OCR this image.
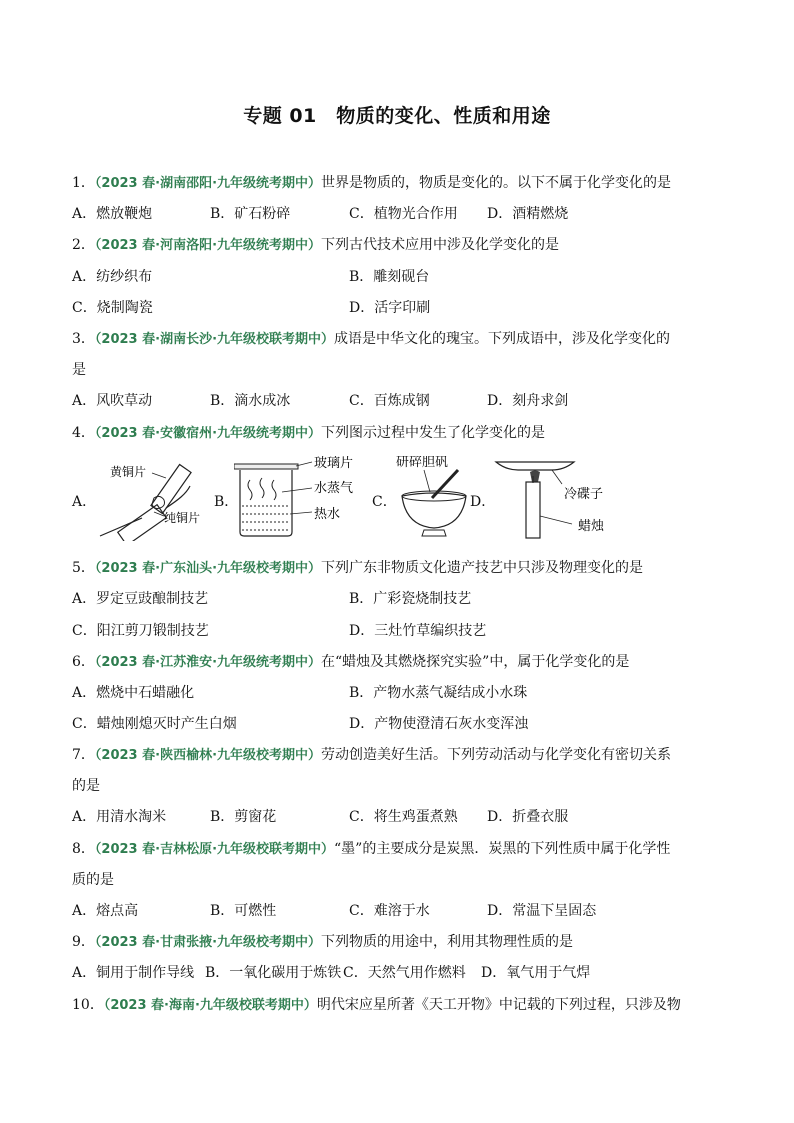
专题 01　物质的变化、性质和用途
1．（2023 春·湖南邵阳·九年级统考期中）世界是物质的，物质是变化的。以下不属于化学变化的是
A．燃放鞭炮	B．矿石粉碎	C．植物光合作用 D．酒精燃烧
2．（2023 春·河南洛阳·九年级统考期中）下列古代技术应用中涉及化学变化的是
A．纺纱织布	B．雕刻砚台
C．烧制陶瓷	D．活字印刷
3．（2023 春·湖南长沙·九年级校联考期中）成语是中华文化的瑰宝。下列成语中，涉及化学变化的
是
A．风吹草动	B．滴水成冰	C．百炼成钢	D．刻舟求剑
4．（2023 春·安徽宿州·九年级统考期中）下列图示过程中发生了化学变化的是
A．
黄铜片
纯铜片
B．
玻璃片
水蒸气
热水
C．
研碎胆矾
D．	冷碟子
蜡烛
5．（2023 春·广东汕头·九年级校考期中）下列广东非物质文化遗产技艺中只涉及物理变化的是
A．罗定豆豉酿制技艺	B．广彩瓷烧制技艺
C．阳江剪刀锻制技艺	D．三灶竹草编织技艺
6．（2023 春·江苏淮安·九年级统考期中）在“蜡烛及其燃烧探究实验”中，属于化学变化的是
A．燃烧中石蜡融化	B．产物水蒸气凝结成小水珠
C．蜡烛刚熄灭时产生白烟	D．产物使澄清石灰水变浑浊
7．（2023 春·陕西榆林·九年级校考期中）劳动创造美好生活。下列劳动活动与化学变化有密切关系
的是
A．用清水淘米	B．剪窗花	C．将生鸡蛋煮熟 D．折叠衣服
8．（2023 春·吉林松原·九年级校联考期中）“墨”的主要成分是炭黑．炭黑的下列性质中属于化学性
质的是
A．熔点高	B．可燃性	C．难溶于水	D．常温下呈固态
9．（2023 春·甘肃张掖·九年级校考期中）下列物质的用途中，利用其物理性质的是
A．铜用于制作导线 B．一氧化碳用于炼铁 C．天然气用作燃料 D．氧气用于气焊
10．（2023 春·海南·九年级校联考期中）明代宋应星所著《天工开物》中记载的下列过程，只涉及物
